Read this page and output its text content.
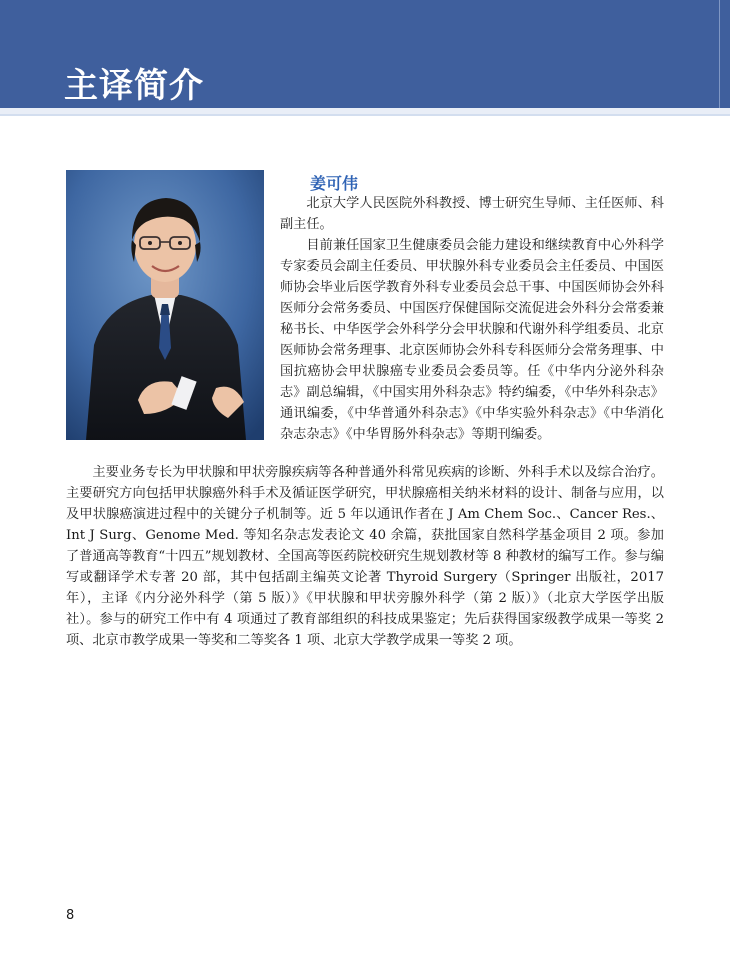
主译简介
姜可伟

北京大学人民医院外科教授、博士研究生导师、主任医师、科副主任。

目前兼任国家卫生健康委员会能力建设和继续教育中心外科学专家委员会副主任委员、甲状腺外科专业委员会主任委员、中国医师协会毕业后医学教育外科专业委员会总干事、中国医师协会外科医师分会常务委员、中国医疗保健国际交流促进会外科分会常委兼秘书长、中华医学会外科学分会甲状腺和代谢外科学组委员、北京医师协会常务理事、北京医师协会外科专科医师分会常务理事、中国抗癌协会甲状腺癌专业委员会委员等。任《中华内分泌外科杂志》副总编辑，《中国实用外科杂志》特约编委，《中华外科杂志》通讯编委，《中华普通外科杂志》《中华实验外科杂志》《中华消化杂志杂志》《中华胃肠外科杂志》等期刊编委。

主要业务专长为甲状腺和甲状旁腺疾病等各种普通外科常见疾病的诊断、外科手术以及综合治疗。主要研究方向包括甲状腺癌外科手术及循证医学研究，甲状腺癌相关纳米材料的设计、制备与应用，以及甲状腺癌演进过程中的关键分子机制等。近 5 年以通讯作者在 J Am Chem Soc.、Cancer Res.、Int J Surg、Genome Med. 等知名杂志发表论文 40 余篇，获批国家自然科学基金项目 2 项。参加了普通高等教育“十四五”规划教材、全国高等医药院校研究生规划教材等 8 种教材的编写工作。参与编写或翻译学术专著 20 部，其中包括副主编英文论著 Thyroid Surgery（Springer 出版社，2017 年），主译《内分泌外科学（第 5 版）》《甲状腺和甲状旁腺外科学（第 2 版）》（北京大学医学出版社）。参与的研究工作中有 4 项通过了教育部组织的科技成果鉴定；先后获得国家级教学成果一等奖 2 项、北京市教学成果一等奖和二等奖各 1 项、北京大学教学成果一等奖 2 项。

8
